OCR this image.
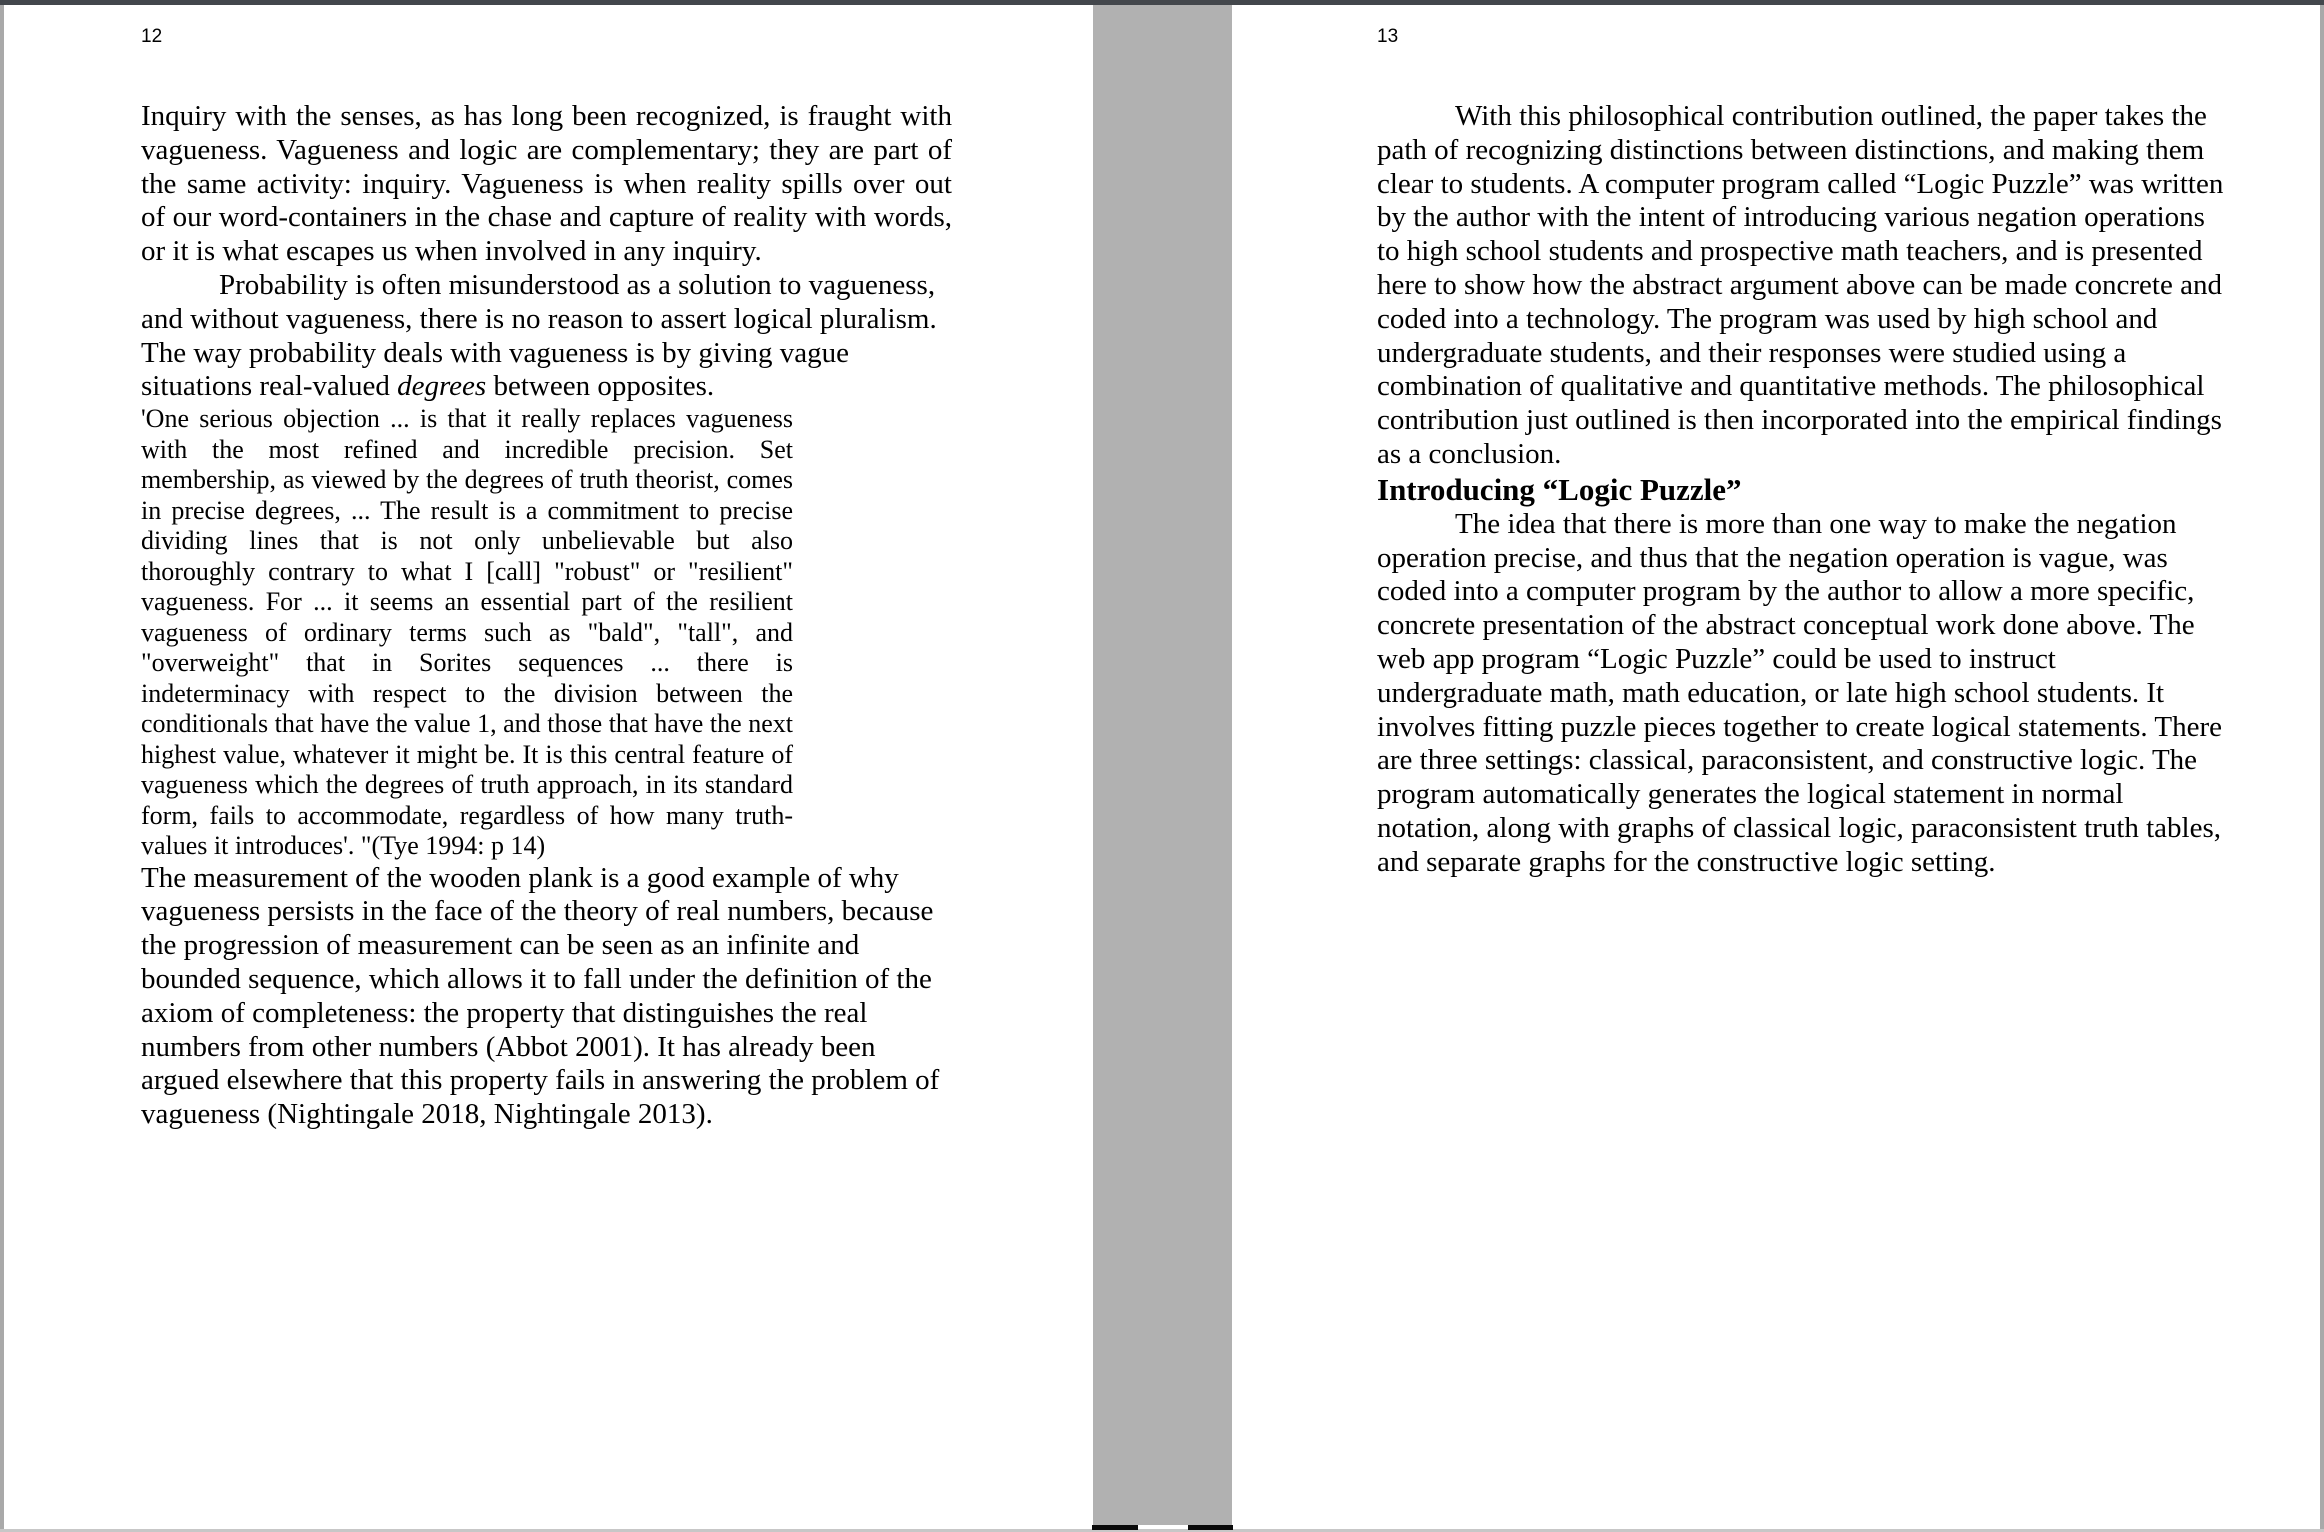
12

Inquiry with the senses, as has long been recognized, is fraught with vagueness. Vagueness and logic are complementary; they are part of the same activity: inquiry. Vagueness is when reality spills over out of our word-containers in the chase and capture of reality with words, or it is what escapes us when involved in any inquiry.

Probability is often misunderstood as a solution to vagueness, and without vagueness, there is no reason to assert logical pluralism. The way probability deals with vagueness is by giving vague situations real-valued degrees between opposites.

'One serious objection ... is that it really replaces vagueness with the most refined and incredible precision. Set membership, as viewed by the degrees of truth theorist, comes in precise degrees, ... The result is a commitment to precise dividing lines that is not only unbelievable but also thoroughly contrary to what I [call] "robust" or "resilient" vagueness. For ... it seems an essential part of the resilient vagueness of ordinary terms such as "bald", "tall", and "overweight" that in Sorites sequences ... there is indeterminacy with respect to the division between the conditionals that have the value 1, and those that have the next highest value, whatever it might be. It is this central feature of vagueness which the degrees of truth approach, in its standard form, fails to accommodate, regardless of how many truth-values it introduces'. "(Tye 1994: p 14)

The measurement of the wooden plank is a good example of why vagueness persists in the face of the theory of real numbers, because the progression of measurement can be seen as an infinite and bounded sequence, which allows it to fall under the definition of the axiom of completeness: the property that distinguishes the real numbers from other numbers (Abbot 2001). It has already been argued elsewhere that this property fails in answering the problem of vagueness (Nightingale 2018, Nightingale 2013).

13

With this philosophical contribution outlined, the paper takes the path of recognizing distinctions between distinctions, and making them clear to students. A computer program called “Logic Puzzle” was written by the author with the intent of introducing various negation operations to high school students and prospective math teachers, and is presented here to show how the abstract argument above can be made concrete and coded into a technology. The program was used by high school and undergraduate students, and their responses were studied using a combination of qualitative and quantitative methods. The philosophical contribution just outlined is then incorporated into the empirical findings as a conclusion.

Introducing “Logic Puzzle”

The idea that there is more than one way to make the negation operation precise, and thus that the negation operation is vague, was coded into a computer program by the author to allow a more specific, concrete presentation of the abstract conceptual work done above. The web app program “Logic Puzzle” could be used to instruct undergraduate math, math education, or late high school students. It involves fitting puzzle pieces together to create logical statements. There are three settings: classical, paraconsistent, and constructive logic. The program automatically generates the logical statement in normal notation, along with graphs of classical logic, paraconsistent truth tables, and separate graphs for the constructive logic setting.
